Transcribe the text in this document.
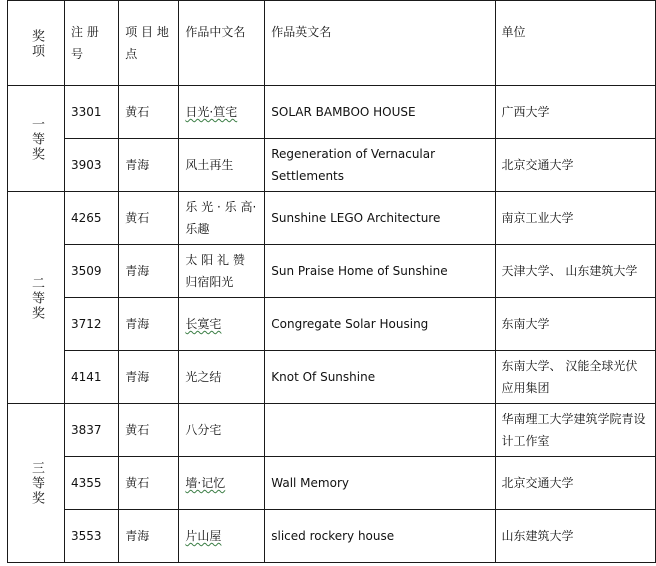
奖项	注 册 号	项 目 地点	作品中文名	作品英文名	单位
一等奖	3301	黄石	日光·笪宅	SOLAR BAMBOO HOUSE	广西大学
	3903	青海	风土再生	Regeneration of Vernacular Settlements	北京交通大学
二等奖	4265	黄石	乐 光 · 乐 高·乐趣	Sunshine LEGO Architecture	南京工业大学
	3509	青海	太 阳 礼 赞 归宿阳光	Sun Praise Home of Sunshine	天津大学、 山东建筑大学
	3712	青海	长寞宅	Congregate Solar Housing	东南大学
	4141	青海	光之结	Knot Of Sunshine	东南大学、 汉能全球光伏应用集团
三等奖	3837	黄石	八分宅		华南理工大学建筑学院青设计工作室
	4355	黄石	墙·记忆	Wall Memory	北京交通大学
	3553	青海	片山屋	sliced rockery house	山东建筑大学
